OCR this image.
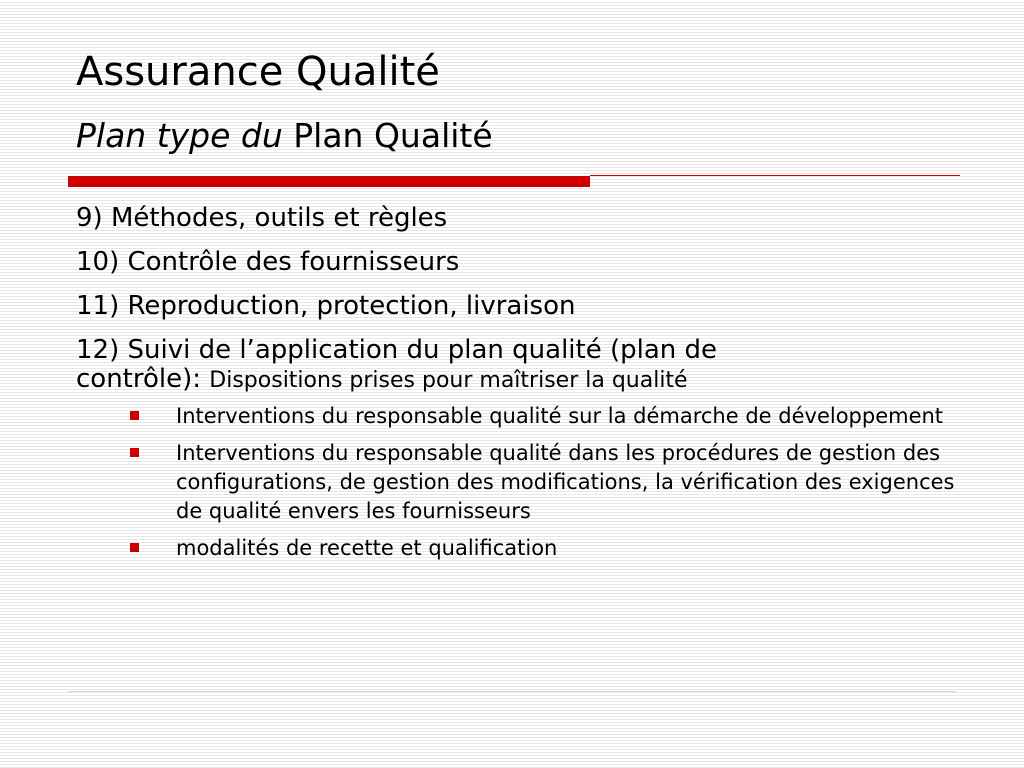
Assurance Qualité
Plan type du Plan Qualité
9) Méthodes, outils et règles
10) Contrôle des fournisseurs
11) Reproduction, protection, livraison
12) Suivi de l’application du plan qualité (plan de
contrôle): Dispositions prises pour maîtriser la qualité
Interventions du responsable qualité sur la démarche de développement
Interventions du responsable qualité dans les procédures de gestion des configurations, de gestion des modifications, la vérification des exigences de qualité envers les fournisseurs
modalités de recette et qualification
